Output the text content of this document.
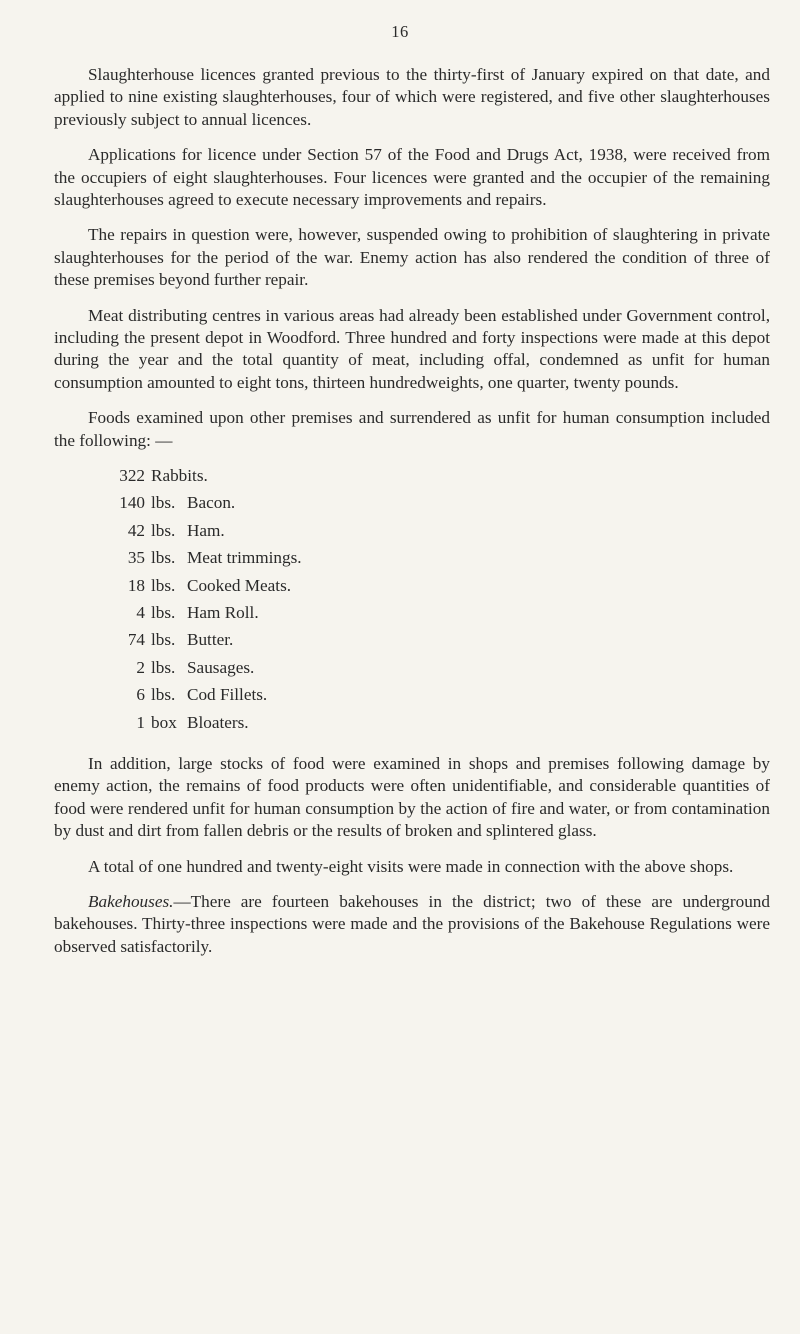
16

Slaughterhouse licences granted previous to the thirty-first of January expired on that date, and applied to nine existing slaughterhouses, four of which were registered, and five other slaughterhouses previously subject to annual licences.

Applications for licence under Section 57 of the Food and Drugs Act, 1938, were received from the occupiers of eight slaughterhouses. Four licences were granted and the occupier of the remaining slaughterhouses agreed to execute necessary improvements and repairs.

The repairs in question were, however, suspended owing to prohibition of slaughtering in private slaughterhouses for the period of the war. Enemy action has also rendered the condition of three of these premises beyond further repair.

Meat distributing centres in various areas had already been established under Government control, including the present depot in Woodford. Three hundred and forty inspections were made at this depot during the year and the total quantity of meat, including offal, condemned as unfit for human consumption amounted to eight tons, thirteen hundredweights, one quarter, twenty pounds.

Foods examined upon other premises and surrendered as unfit for human consumption included the following: —

322 Rabbits.
140 lbs. Bacon.
42 lbs. Ham.
35 lbs. Meat trimmings.
18 lbs. Cooked Meats.
4 lbs. Ham Roll.
74 lbs. Butter.
2 lbs. Sausages.
6 lbs. Cod Fillets.
1 box Bloaters.

In addition, large stocks of food were examined in shops and premises following damage by enemy action, the remains of food products were often unidentifiable, and considerable quantities of food were rendered unfit for human consumption by the action of fire and water, or from contamination by dust and dirt from fallen debris or the results of broken and splintered glass.

A total of one hundred and twenty-eight visits were made in connection with the above shops.

Bakehouses.—There are fourteen bakehouses in the district; two of these are underground bakehouses. Thirty-three inspections were made and the provisions of the Bakehouse Regulations were observed satisfactorily.
